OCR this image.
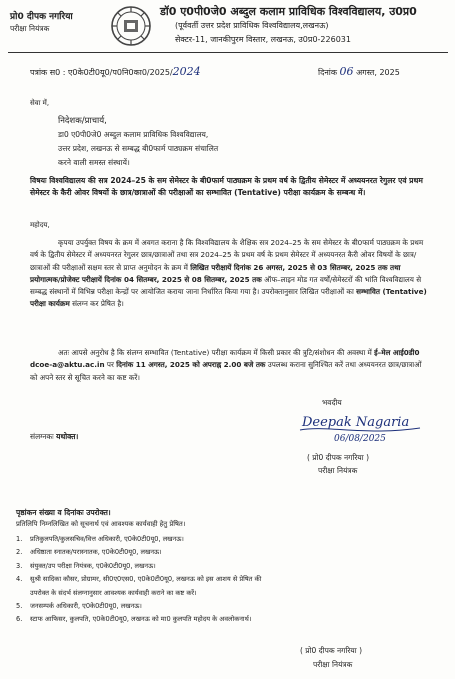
प्रो0 दीपक नगरिया
परीक्षा नियंत्रक
डॉ0 ए0पी0जे0 अब्दुल कलाम प्राविधिक विश्वविद्यालय, उ0प्र0
(पूर्ववर्ती उत्तर प्रदेश प्राविधिक विश्वविद्यालय,लखनऊ)
सेक्टर-11, जानकीपुरम विस्तार, लखनऊ, उ0प्र0-226031
पत्रांक स0 : ए0के0टी0यू0/प0नि0का0/2025/2024	दिनांक 06 अगस्त, 2025
सेवा में,
निदेशक/प्राचार्य,
डा0 ए0पी0जे0 अब्दुल कलाम प्राविधिक विश्वविद्यालय,
उत्तर प्रदेश, लखनऊ से सम्बद्ध बी0फार्म पाठ्यक्रम संचालित
करने वाली समस्त संस्थायें।
विषयः विश्वविद्यालय की सत्र 2024–25 के सम सेमेस्टर के बी0फार्म पाठ्यक्रम के प्रथम वर्ष के द्वितीय सेमेस्टर में अध्ययनरत रेगुलर एवं प्रथम सेमेस्टर के कैरी ओवर विषयों के छात्र/छात्राओं की परीक्षाओं का सम्भावित (Tentative) परीक्षा कार्यक्रम के सम्बन्ध में।
महोदय,
कृपया उपर्युक्त विषय के क्रम में अवगत कराना है कि विश्वविद्यालय के शैक्षिक सत्र 2024–25 के सम सेमेस्टर के बी0फार्म पाठ्यक्रम के प्रथम वर्ष के द्वितीय सेमेस्टर में अध्ययनरत रेगुलर छात्र/छात्राओं तथा सत्र 2024–25 के प्रथम वर्ष के प्रथम सेमेस्टर में अध्ययनरत कैरी ओवर विषयों के छात्र/छात्राओं की परीक्षाओं सक्षम स्तर से प्राप्त अनुमोदन के क्रम में लिखित परीक्षायें दिनांक 26 अगस्त, 2025 से 03 सितम्बर, 2025 तक तथा प्रयोगात्मक/प्रोजेक्ट परीक्षायें दिनांक 04 सितम्बर, 2025 से 08 सितम्बर, 2025 तक ऑफ–लाइन मोड गत वर्षों/सेमेस्टरों की भांति विश्वविद्यालय से सम्बद्ध संस्थानों में विभिन्न परीक्षा केन्द्रों पर आयोजित कराया जाना निर्धारित किया गया है। उपरोक्तानुसार लिखित परीक्षाओं का सम्भावित (Tentative) परीक्षा कार्यक्रम संलग्न कर प्रेषित है।
अतः आपसे अनुरोध है कि संलग्न सम्भावित (Tentative) परीक्षा कार्यक्रम में किसी प्रकार की त्रुटि/संशोधन की अवस्था में ई–मेल आई0डी0 dcoe-a@aktu.ac.in पर दिनांक 11 अगस्त, 2025 को अपराह्न 2.00 बजे तक उपलब्ध कराना सुनिश्चित करें तथा अध्ययनरत छात्र/छात्राओं को अपने स्तर से सूचित करने का कष्ट करें।
भवदीय
Deepak Nagaria
06/08/2025
( प्रो0 दीपक नगरिया )
परीक्षा नियंत्रक
संलग्नकः यथोक्त।
पृष्ठांकन संख्या व दिनांकः उपरोक्त।
प्रतिलिपि निम्नलिखित को सूचनार्थ एवं आवश्यक कार्यवाही हेतु प्रेषित।
1. प्रतिकुलपति/कुलसचिव/वित्त अधिकारी, ए0के0टी0यू0, लखनऊ।
2. अधिष्ठाता स्नातक/परास्नातक, ए0के0टी0यू0, लखनऊ।
3. संयुक्त/उप परीक्षा नियंत्रक, ए0के0टी0यू0, लखनऊ।
4. सुश्री सादिका कौसर, प्रोग्रामर, सी0ए0एस0, ए0के0टी0यू0, लखनऊ को इस आशय से प्रेषित की
उपरोक्त के संदर्भ संलग्नानुसार आवश्यक कार्यवाही कराने का कष्ट करें।
5. जनसम्पर्क अधिकारी, ए0के0टी0यू0, लखनऊ।
6. स्टाफ आफिसर, कुलपति, ए0के0टी0यू0, लखनऊ को मा0 कुलपति महोदय के अवलोकनार्थ।
( प्रो0 दीपक नगरिया )
परीक्षा नियंत्रक
